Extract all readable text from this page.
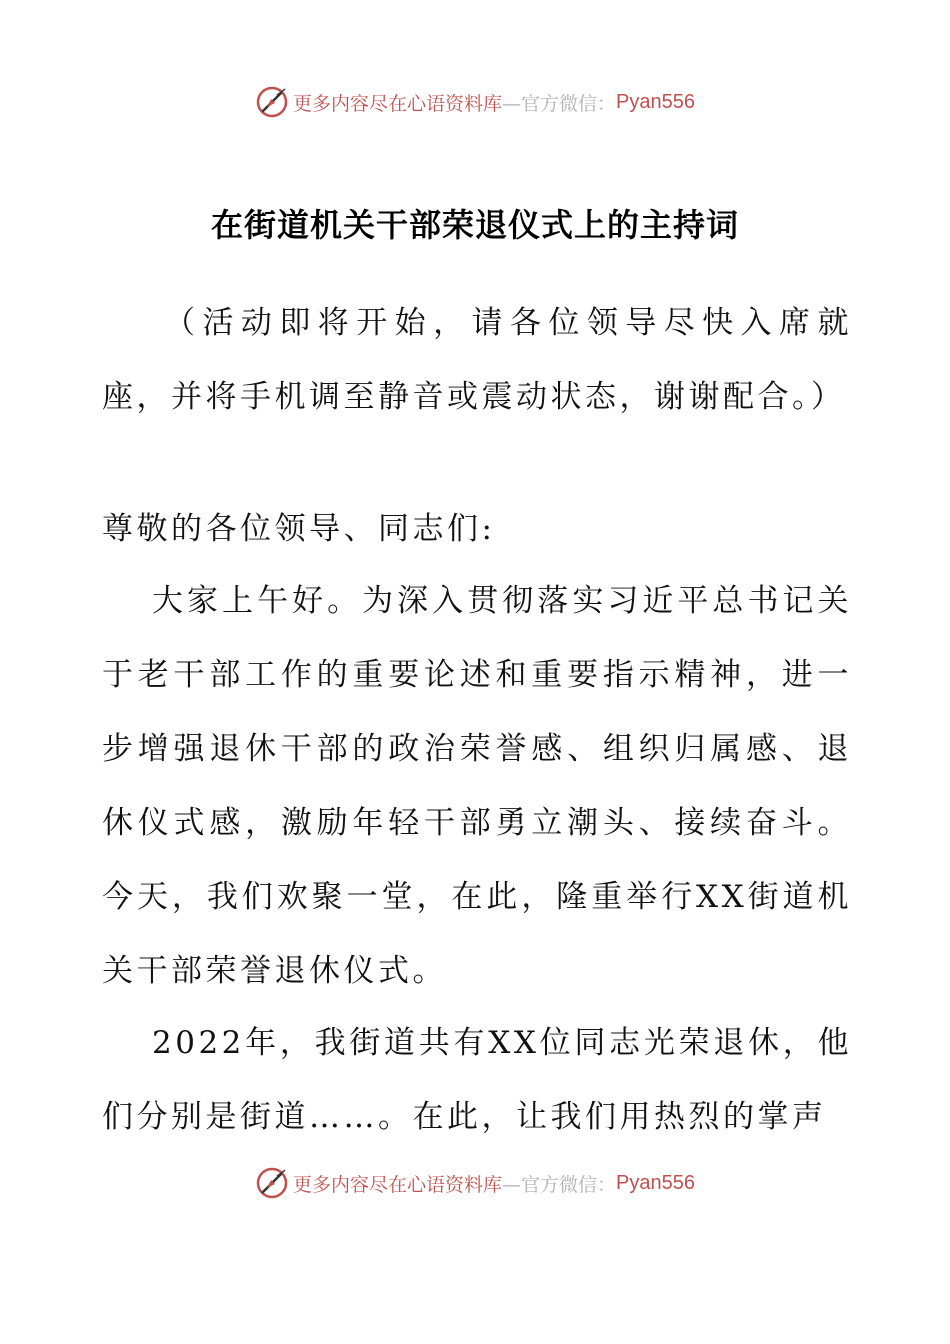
更多内容尽在心语资料库 —官方微信： Pyan556
在街道机关干部荣退仪式上的主持词

（活动即将开始，请各位领导尽快入席就座，并将手机调至静音或震动状态，谢谢配合。）

尊敬的各位领导、同志们:

大家上午好。为深入贯彻落实习近平总书记关于老干部工作的重要论述和重要指示精神，进一步增强退休干部的政治荣誉感、组织归属感、退休仪式感，激励年轻干部勇立潮头、接续奋斗。今天，我们欢聚一堂，在此，隆重举行XX街道机关干部荣誉退休仪式。

2022年，我街道共有XX位同志光荣退休，他们分别是街道……。在此，让我们用热烈的掌声

更多内容尽在心语资料库 —官方微信： Pyan556
